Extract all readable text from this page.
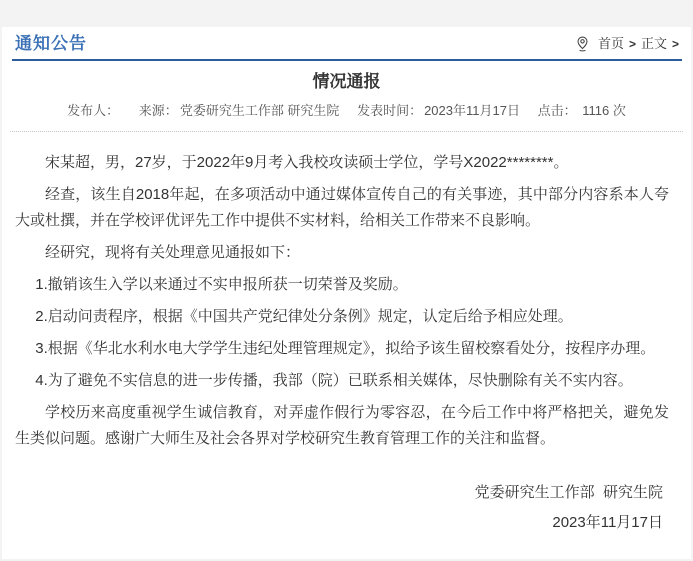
通知公告	首页 > 正文 >
情况通报
发布人： 来源： 党委研究生工作部 研究生院 发表时间： 2023年11月17日 点击： 1116 次

宋某超，男，27岁，于2022年9月考入我校攻读硕士学位，学号X2022********。

经查，该生自2018年起，在多项活动中通过媒体宣传自己的有关事迹，其中部分内容系本人夸大或杜撰，并在学校评优评先工作中提供不实材料，给相关工作带来不良影响。

经研究，现将有关处理意见通报如下：

1.撤销该生入学以来通过不实申报所获一切荣誉及奖励。

2.启动问责程序，根据《中国共产党纪律处分条例》规定，认定后给予相应处理。

3.根据《华北水利水电大学学生违纪处理管理规定》，拟给予该生留校察看处分，按程序办理。

4.为了避免不实信息的进一步传播，我部（院）已联系相关媒体，尽快删除有关不实内容。

学校历来高度重视学生诚信教育，对弄虚作假行为零容忍，在今后工作中将严格把关，避免发生类似问题。感谢广大师生及社会各界对学校研究生教育管理工作的关注和监督。

党委研究生工作部  研究生院
2023年11月17日
